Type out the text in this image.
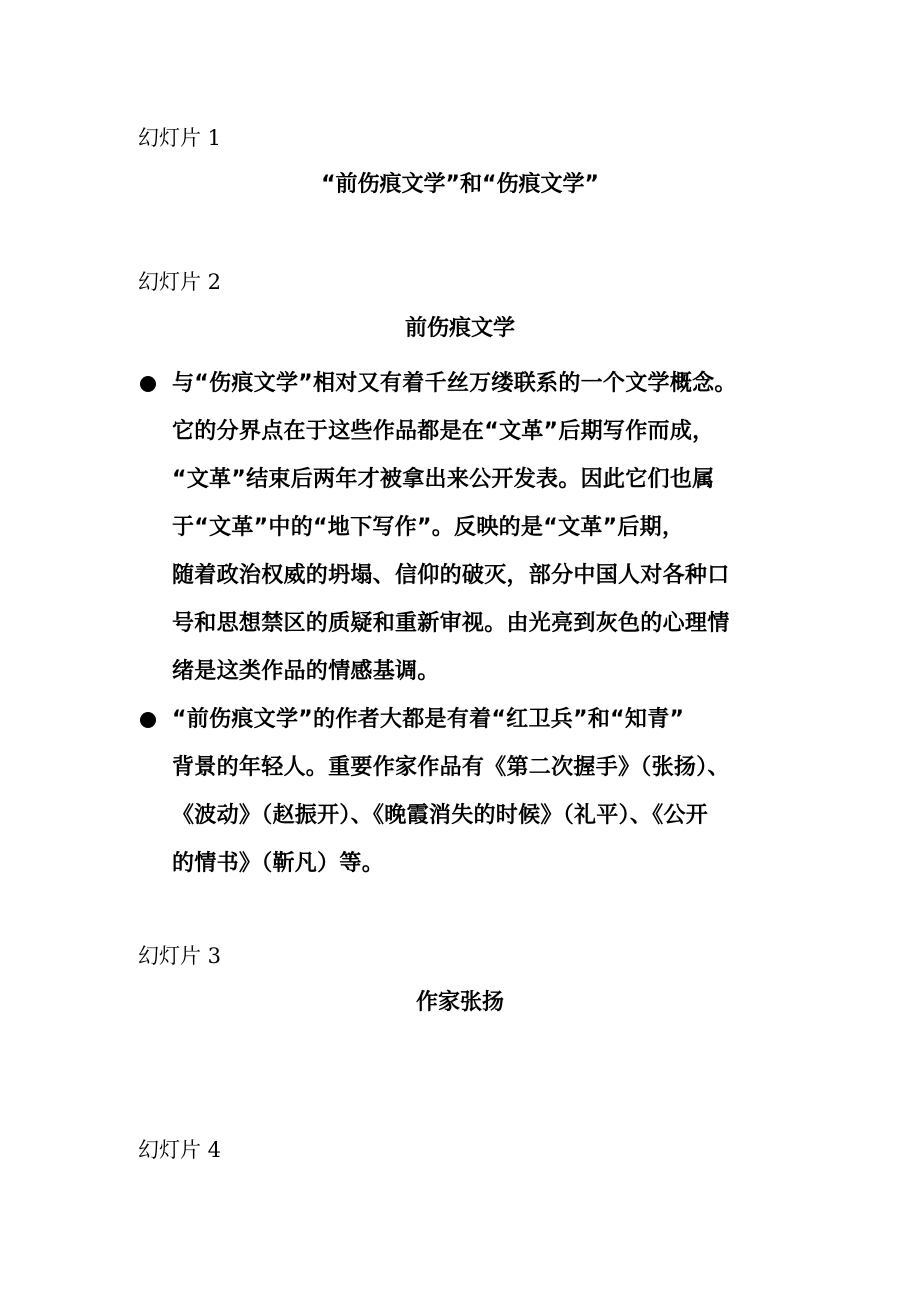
幻灯片 1
“前伤痕文学”和“伤痕文学”
幻灯片 2
前伤痕文学
与“伤痕文学”相对又有着千丝万缕联系的一个文学概念。
它的分界点在于这些作品都是在“文革”后期写作而成，
“文革”结束后两年才被拿出来公开发表。因此它们也属
于“文革”中的“地下写作”。反映的是“文革”后期，
随着政治权威的坍塌、信仰的破灭，部分中国人对各种口
号和思想禁区的质疑和重新审视。由光亮到灰色的心理情
绪是这类作品的情感基调。
“前伤痕文学”的作者大都是有着“红卫兵”和“知青”
背景的年轻人。重要作家作品有《第二次握手》（张扬）、
《波动》（赵振开）、《晚霞消失的时候》（礼平）、《公开
的情书》（靳凡）等。
幻灯片 3
作家张扬
幻灯片 4
